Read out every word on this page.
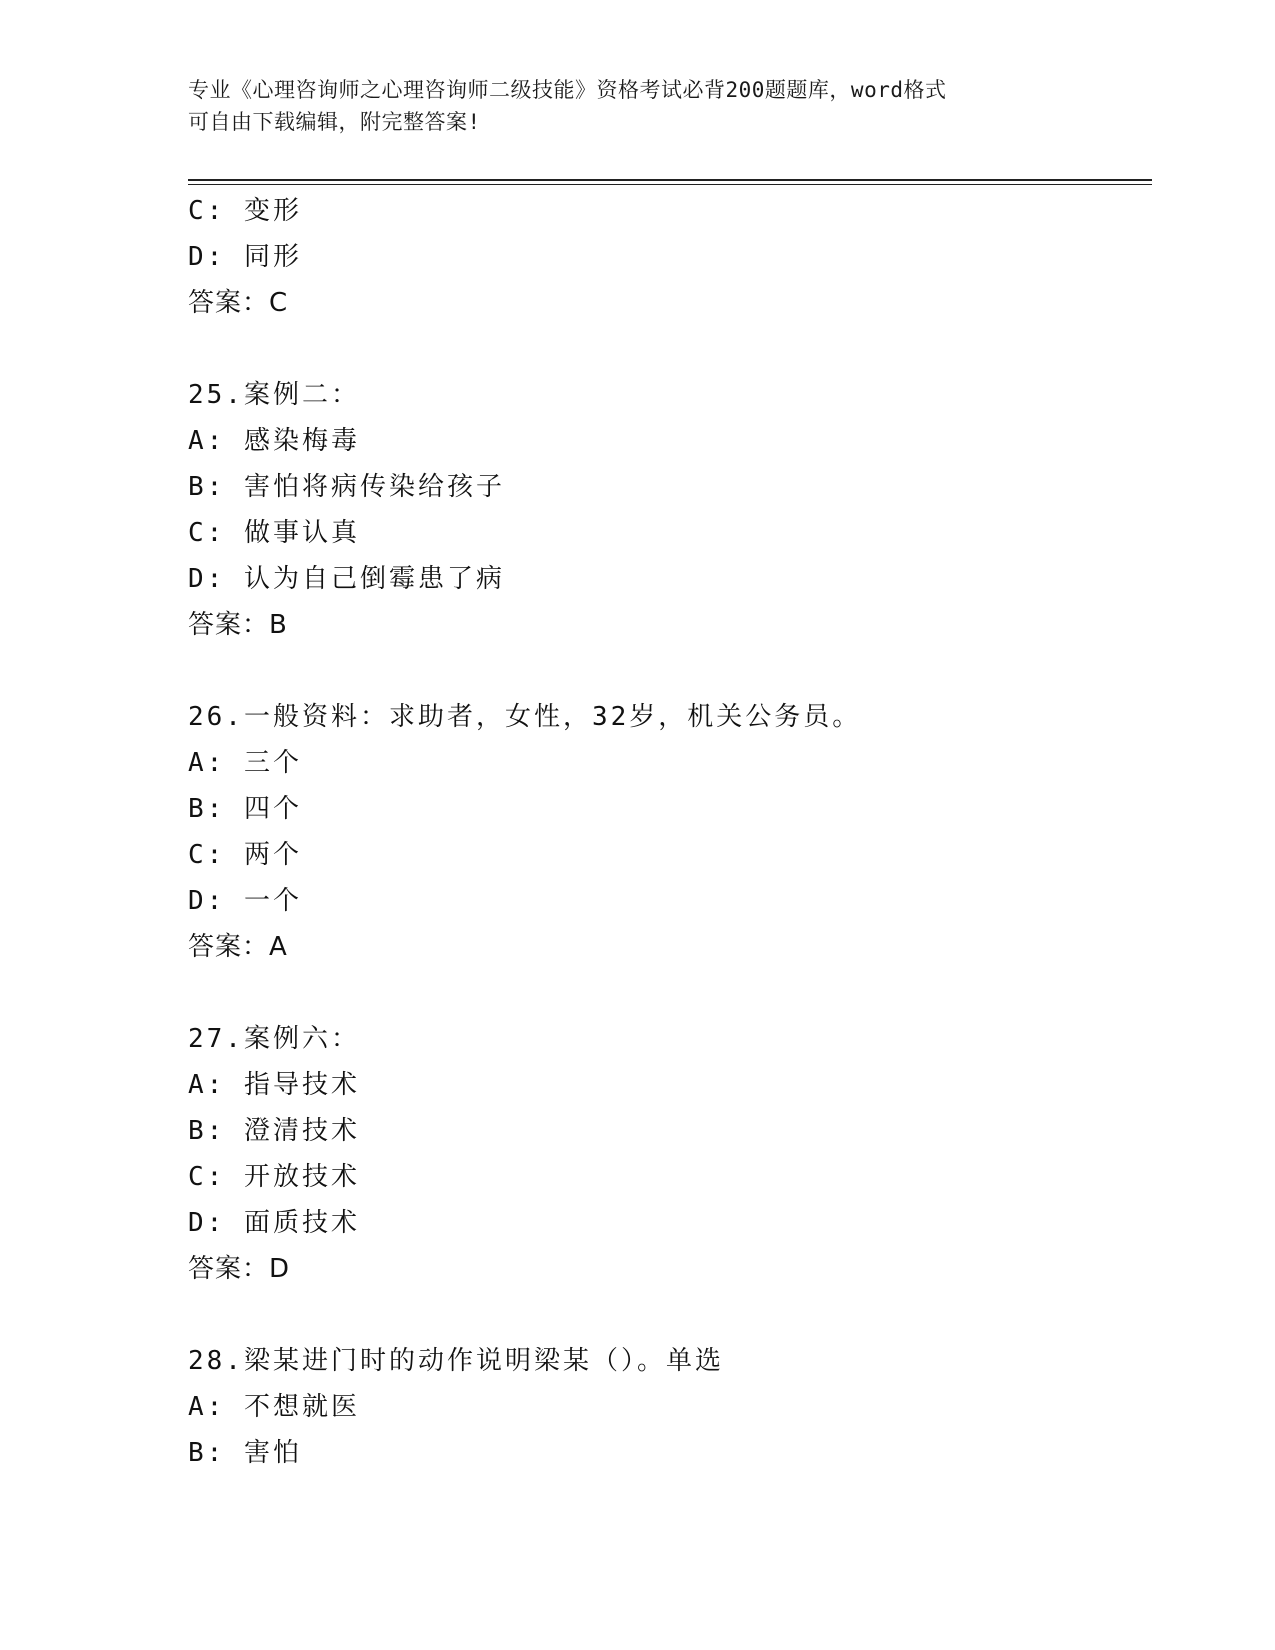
专业《心理咨询师之心理咨询师二级技能》资格考试必背200题题库，word格式
可自由下载编辑，附完整答案!
C: 变形
D: 同形
答案：C
25.案例二：
A: 感染梅毒
B: 害怕将病传染给孩子
C: 做事认真
D: 认为自己倒霉患了病
答案：B
26.一般资料：求助者，女性，32岁，机关公务员。
A: 三个
B: 四个
C: 两个
D: 一个
答案：A
27.案例六：
A: 指导技术
B: 澄清技术
C: 开放技术
D: 面质技术
答案：D
28.梁某进门时的动作说明梁某（）。单选
A: 不想就医
B: 害怕
